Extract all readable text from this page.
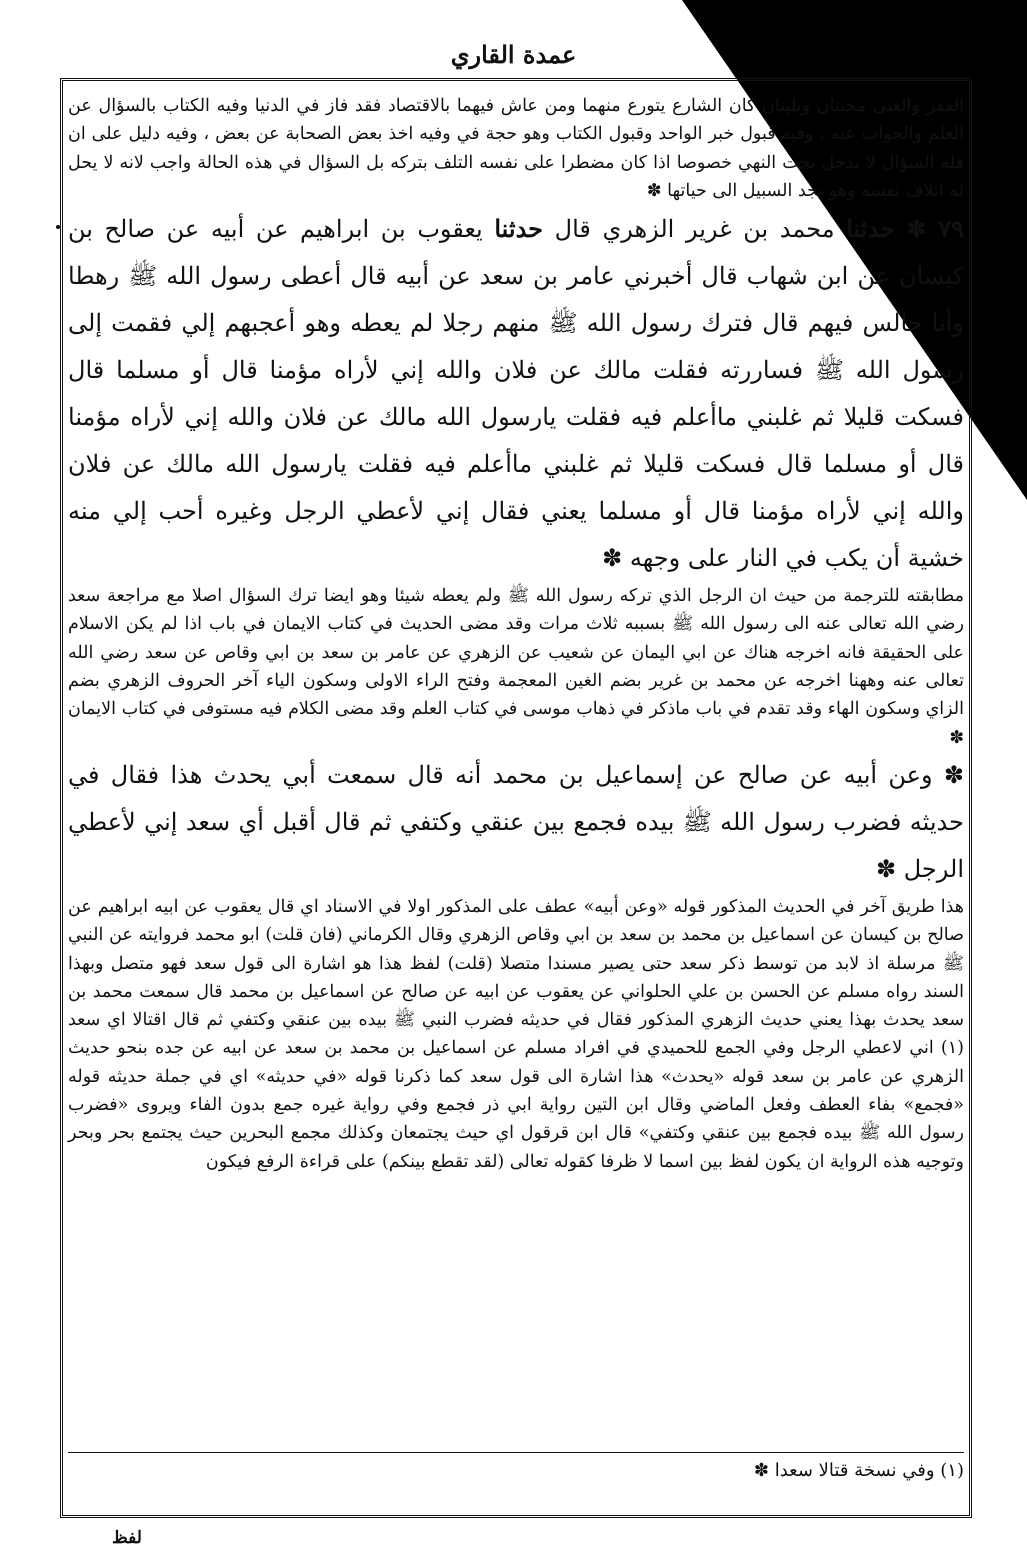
عمدة القاري

الفقر والغنى محنتان وبليتان كان الشارع يتورع منهما ومن عاش فيهما بالاقتصاد فقد فاز في الدنيا وفيه الكتاب بالسؤال عن العلم والجواب عنه ، وفيه قبول خبر الواحد وقبول الكتاب وهو حجة في وفيه اخذ بعض الصحابة عن بعض ، وفيه دليل على ان قلة السؤال لا تدخل تحت النهي خصوصا اذا كان مضطرا على نفسه التلف بتركه بل السؤال في هذه الحالة واجب لانه لا يحل له اتلاف نفسه وهو يجد السبيل الى حياتها ✽

٧٩ ✽ حدثنا محمد بن غرير الزهري قال حدثنا يعقوب بن ابراهيم عن أبيه عن صالح بن كيسان عن ابن شهاب قال أخبرني عامر بن سعد عن أبيه قال أعطى رسول الله ﷺ رهطا وأنا جالس فيهم قال فترك رسول الله ﷺ منهم رجلا لم يعطه وهو أعجبهم إلي فقمت إلى رسول الله ﷺ فساررته فقلت مالك عن فلان والله إني لأراه مؤمنا قال أو مسلما قال فسكت قليلا ثم غلبني ماأعلم فيه فقلت يارسول الله مالك عن فلان والله إني لأراه مؤمنا قال أو مسلما قال فسكت قليلا ثم غلبني ماأعلم فيه فقلت يارسول الله مالك عن فلان والله إني لأراه مؤمنا قال أو مسلما يعني فقال إني لأعطي الرجل وغيره أحب إلي منه خشية أن يكب في النار على وجهه ✽

مطابقته للترجمة من حيث ان الرجل الذي تركه رسول الله ﷺ ولم يعطه شيئا وهو ايضا ترك السؤال اصلا مع مراجعة سعد رضي الله تعالى عنه الى رسول الله ﷺ بسببه ثلاث مرات وقد مضى الحديث في كتاب الايمان في باب اذا لم يكن الاسلام على الحقيقة فانه اخرجه هناك عن ابي اليمان عن شعيب عن الزهري عن عامر بن سعد بن ابي وقاص عن سعد رضي الله تعالى عنه وههنا اخرجه عن محمد بن غرير بضم الغين المعجمة وفتح الراء الاولى وسكون الياء آخر الحروف الزهري بضم الزاي وسكون الهاء وقد تقدم في باب ماذكر في ذهاب موسى في كتاب العلم وقد مضى الكلام فيه مستوفى في كتاب الايمان ✽

✽ وعن أبيه عن صالح عن إسماعيل بن محمد أنه قال سمعت أبي يحدث هذا فقال في حديثه فضرب رسول الله ﷺ بيده فجمع بين عنقي وكتفي ثم قال أقبل أي سعد إني لأعطي الرجل ✽

هذا طريق آخر في الحديث المذكور قوله «وعن أبيه» عطف على المذكور اولا في الاسناد اي قال يعقوب عن ابيه ابراهيم عن صالح بن كيسان عن اسماعيل بن محمد بن سعد بن ابي وقاص الزهري وقال الكرماني (فان قلت) ابو محمد فروايته عن النبي ﷺ مرسلة اذ لابد من توسط ذكر سعد حتى يصير مسندا متصلا (قلت) لفظ هذا هو اشارة الى قول سعد فهو متصل وبهذا السند رواه مسلم عن الحسن بن علي الحلواني عن يعقوب عن ابيه عن صالح عن اسماعيل بن محمد قال سمعت محمد بن سعد يحدث بهذا يعني حديث الزهري المذكور فقال في حديثه فضرب النبي ﷺ بيده بين عنقي وكتفي ثم قال اقتالا اي سعد (١) اني لاعطي الرجل وفي الجمع للحميدي في افراد مسلم عن اسماعيل بن محمد بن سعد عن ابيه عن جده بنحو حديث الزهري عن عامر بن سعد قوله «يحدث» هذا اشارة الى قول سعد كما ذكرنا قوله «في حديثه» اي في جملة حديثه قوله «فجمع» بفاء العطف وفعل الماضي وقال ابن التين رواية ابي ذر فجمع وفي رواية غيره جمع بدون الفاء ويروى «فضرب رسول الله ﷺ بيده فجمع بين عنقي وكتفي» قال ابن قرقول اي حيث يجتمعان وكذلك مجمع البحرين حيث يجتمع بحر وبحر وتوجيه هذه الرواية ان يكون لفظ بين اسما لا ظرفا كقوله تعالى (لقد تقطع بينكم) على قراءة الرفع فيكون

(١) وفي نسخة قتالا سعدا ✽
لفظ
